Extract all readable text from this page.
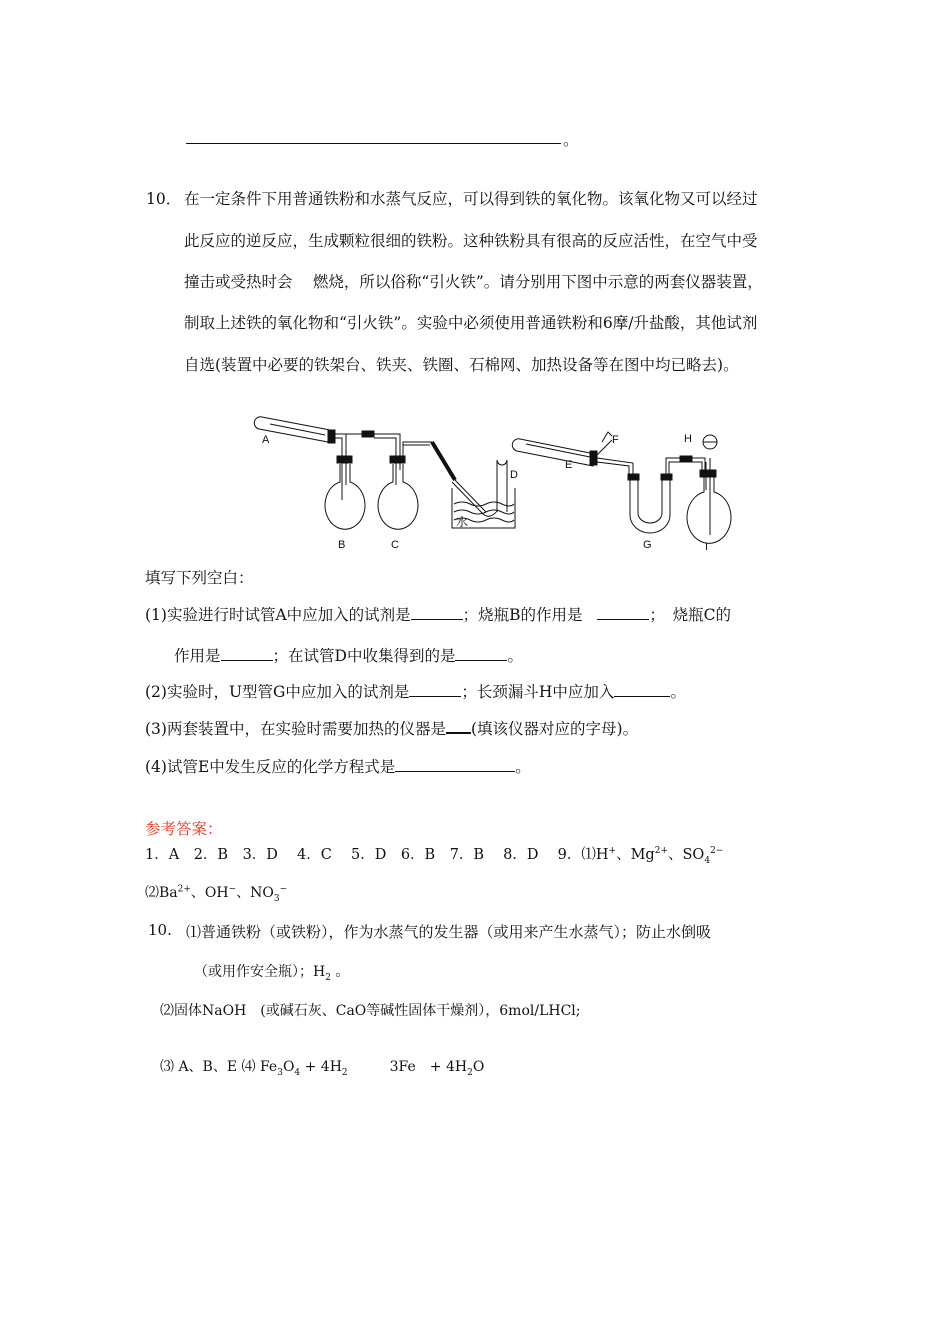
。
10． 在一定条件下用普通铁粉和水蒸气反应，可以得到铁的氧化物。该氧化物又可以经过
此反应的逆反应，生成颗粒很细的铁粉。这种铁粉具有很高的反应活性，在空气中受
撞击或受热时会　 燃烧，所以俗称“引火铁”。请分别用下图中示意的两套仪器装置，
制取上述铁的氧化物和“引火铁”。实验中必须使用普通铁粉和6摩/升盐酸，其他试剂
自选(装置中必要的铁架台、铁夹、铁圈、石棉网、加热设备等在图中均已略去)。
A
B	C
D
水
E
F
G
H
I
填写下列空白：
(1)实验进行时试管A中应加入的试剂是	；烧瓶B的作用是	；　烧瓶C的
作用是	；在试管D中收集得到的是	。
(2)实验时，U型管G中应加入的试剂是	；长颈漏斗H中应加入	。
(3)两套装置中，在实验时需要加热的仪器是 (填该仪器对应的字母)。
(4)试管E中发生反应的化学方程式是	。
参考答案：
1．A　2．B　3．D　 4．C　 5．D　6．B　7．B　 8．D　 9．⑴H+、$Mg^{2+}$、$SO_4^{2-}$
$⑵Ba^{2+}$、OH−、$NO_3^-$
10. ⑴普通铁粉（或铁粉），作为水蒸气的发生器（或用来产生水蒸气）；防止水倒吸
（或用作安全瓶）；$H_2$ 。
⑵固体NaOH　(或碱石灰、CaO等碱性固体干燥剂），6mol/LHCl;
⑶ A、B、E ⑷ $Fe_3O_4 + 4H_2$　　　3Fe　+ $4H_2O$
